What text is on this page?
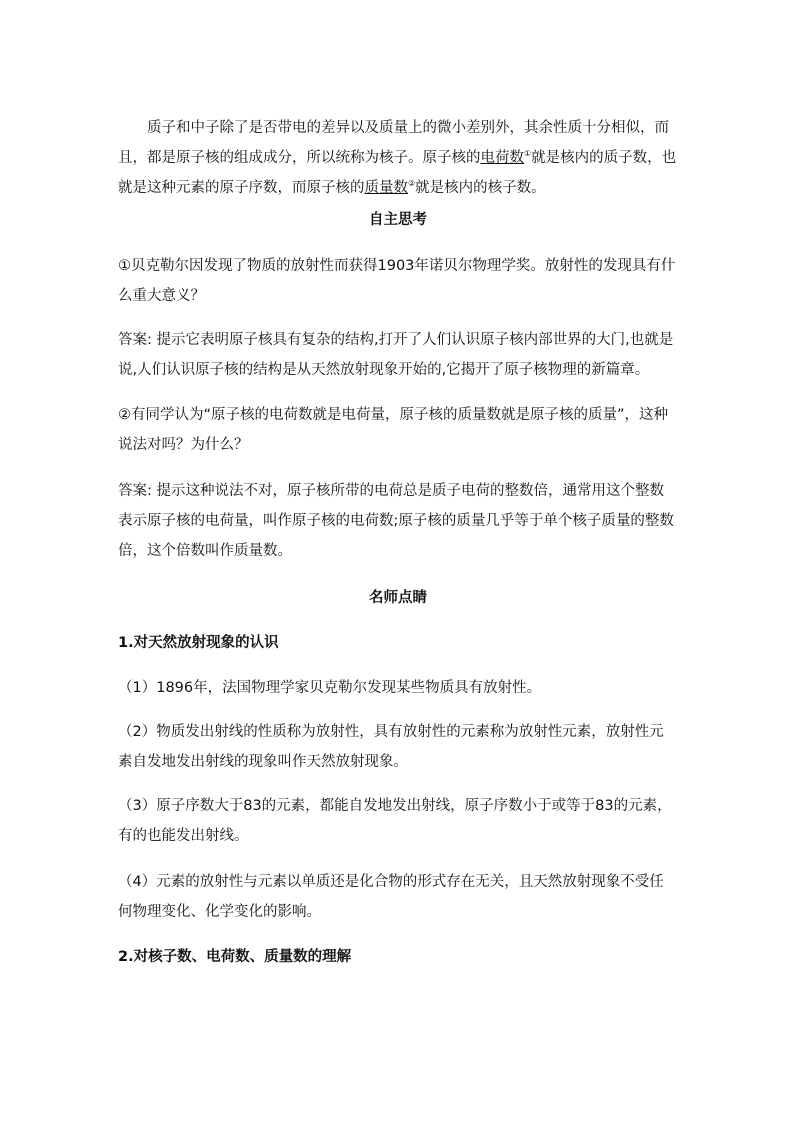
质子和中子除了是否带电的差异以及质量上的微小差别外，其余性质十分相似，而且，都是原子核的组成成分，所以统称为核子。原子核的电荷数①就是核内的质子数，也就是这种元素的原子序数，而原子核的质量数②就是核内的核子数。

自主思考

①贝克勒尔因发现了物质的放射性而获得1903年诺贝尔物理学奖。放射性的发现具有什么重大意义？

答案: 提示它表明原子核具有复杂的结构,打开了人们认识原子核内部世界的大门,也就是说,人们认识原子核的结构是从天然放射现象开始的,它揭开了原子核物理的新篇章。

②有同学认为“原子核的电荷数就是电荷量，原子核的质量数就是原子核的质量”，这种说法对吗？为什么？

答案: 提示这种说法不对，原子核所带的电荷总是质子电荷的整数倍，通常用这个整数表示原子核的电荷量，叫作原子核的电荷数;原子核的质量几乎等于单个核子质量的整数倍，这个倍数叫作质量数。

名师点睛
1.对天然放射现象的认识

（1）1896年，法国物理学家贝克勒尔发现某些物质具有放射性。

（2）物质发出射线的性质称为放射性，具有放射性的元素称为放射性元素，放射性元素自发地发出射线的现象叫作天然放射现象。

（3）原子序数大于83的元素，都能自发地发出射线，原子序数小于或等于83的元素，有的也能发出射线。

（4）元素的放射性与元素以单质还是化合物的形式存在无关，且天然放射现象不受任何物理变化、化学变化的影响。

2.对核子数、电荷数、质量数的理解
